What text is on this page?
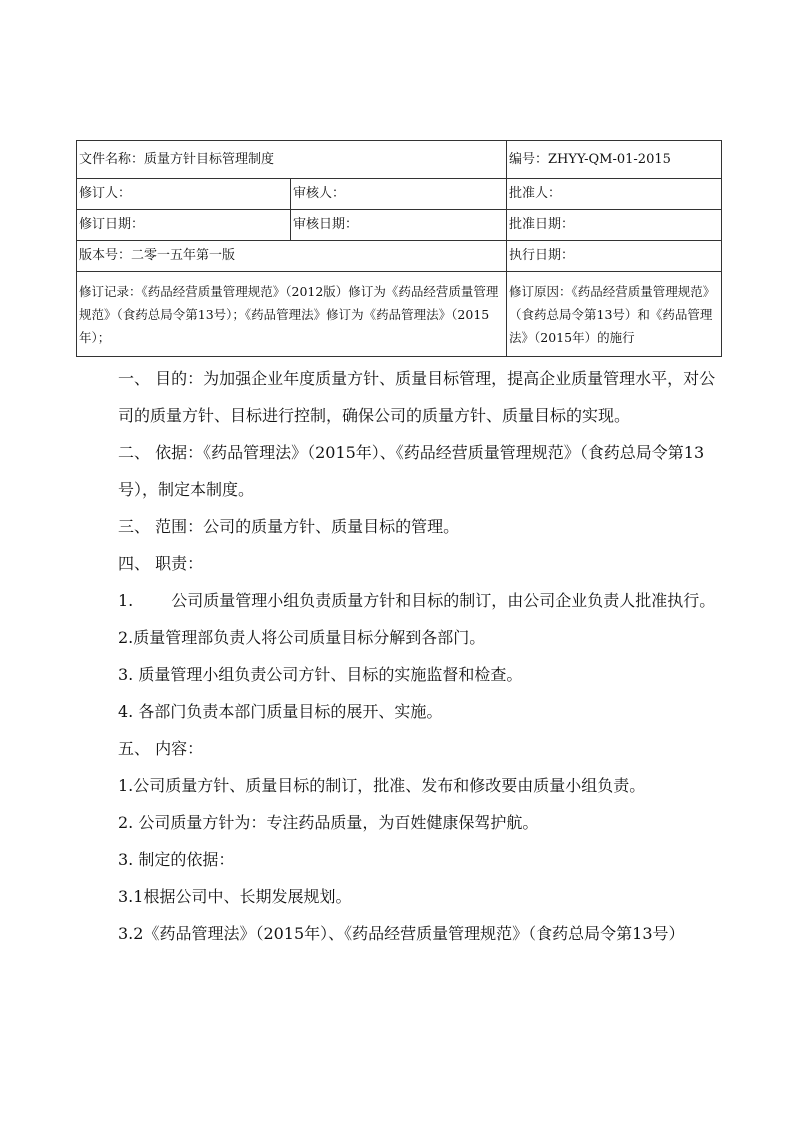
文件名称：质量方针目标管理制度		编号：ZHYY-QM-01-2015
修订人：	审核人：	批准人：
修订日期：	审核日期：	批准日期：
版本号：二零一五年第一版		执行日期：
修订记录：《药品经营质量管理规范》（2012版）修订为《药品经营质量管理规范》（食药总局令第13号）；《药品管理法》修订为《药品管理法》（2015年）；		修订原因：《药品经营质量管理规范》（食药总局令第13号）和《药品管理法》（2015年）的施行

一、 目的：为加强企业年度质量方针、质量目标管理，提高企业质量管理水平，对公司的质量方针、目标进行控制，确保公司的质量方针、质量目标的实现。

二、 依据：《药品管理法》（2015年）、《药品经营质量管理规范》（食药总局令第13号），制定本制度。

三、 范围：公司的质量方针、质量目标的管理。

四、 职责：

1. 公司质量管理小组负责质量方针和目标的制订，由公司企业负责人批准执行。

2.质量管理部负责人将公司质量目标分解到各部门。

3. 质量管理小组负责公司方针、目标的实施监督和检查。

4. 各部门负责本部门质量目标的展开、实施。

五、 内容：

1.公司质量方针、质量目标的制订，批准、发布和修改要由质量小组负责。

2. 公司质量方针为：专注药品质量，为百姓健康保驾护航。

3. 制定的依据：

3.1根据公司中、长期发展规划。

3.2《药品管理法》（2015年）、《药品经营质量管理规范》（食药总局令第13号）
